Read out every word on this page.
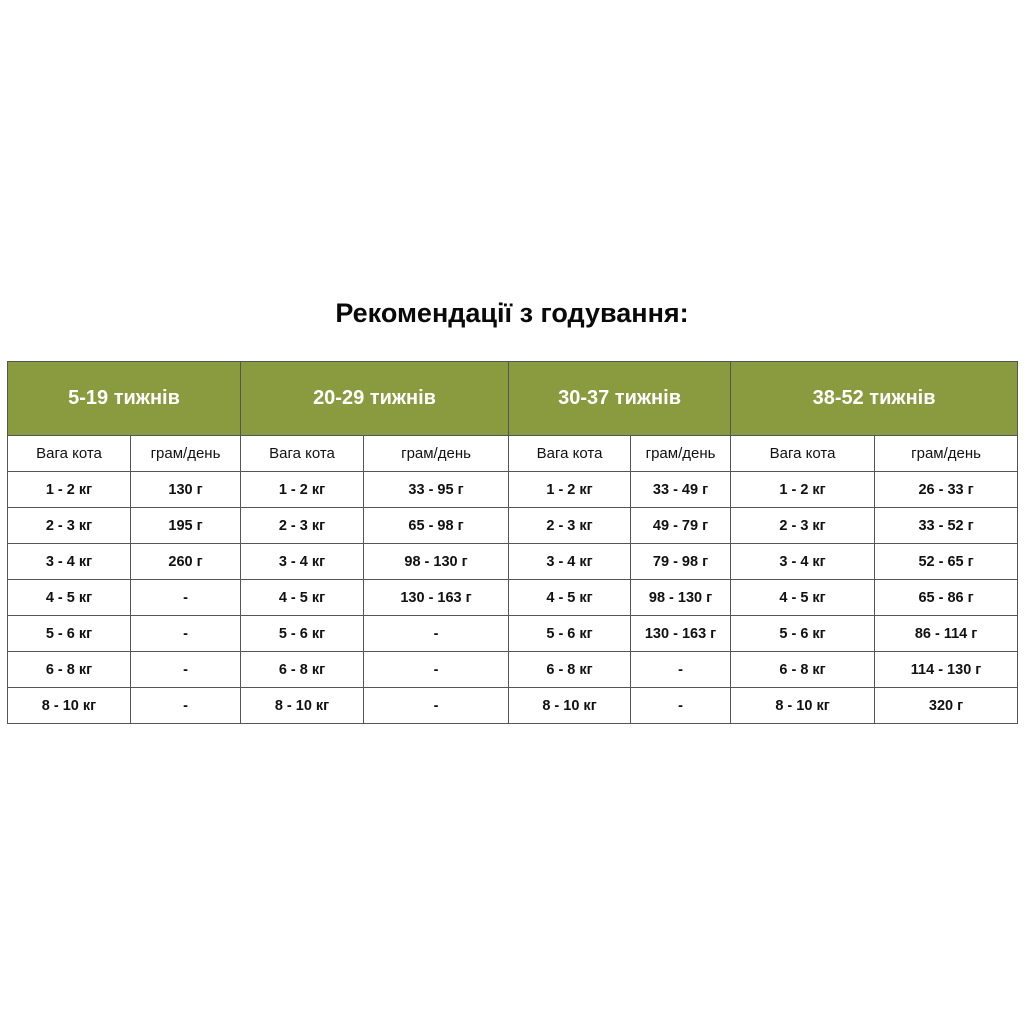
Рекомендації з годування:
5-19 тижнів		20-29 тижнів		30-37 тижнів		38-52 тижнів	
Вага кота	грам/день	Вага кота	грам/день	Вага кота	грам/день	Вага кота	грам/день
1 - 2 кг	130 г	1 - 2 кг	33 - 95 г	1 - 2 кг	33 - 49 г	1 - 2 кг	26 - 33 г
2 - 3 кг	195 г	2 - 3 кг	65 - 98 г	2 - 3 кг	49 - 79 г	2 - 3 кг	33 - 52 г
3 - 4 кг	260 г	3 - 4 кг	98 - 130 г	3 - 4 кг	79 - 98 г	3 - 4 кг	52 - 65 г
4 - 5 кг	-	4 - 5 кг	130 - 163 г	4 - 5 кг	98 - 130 г	4 - 5 кг	65 - 86 г
5 - 6 кг	-	5 - 6 кг	-	5 - 6 кг	130 - 163 г	5 - 6 кг	86 - 114 г
6 - 8 кг	-	6 - 8 кг	-	6 - 8 кг	-	6 - 8 кг	114 - 130 г
8 - 10 кг	-	8 - 10 кг	-	8 - 10 кг	-	8 - 10 кг	320 г
